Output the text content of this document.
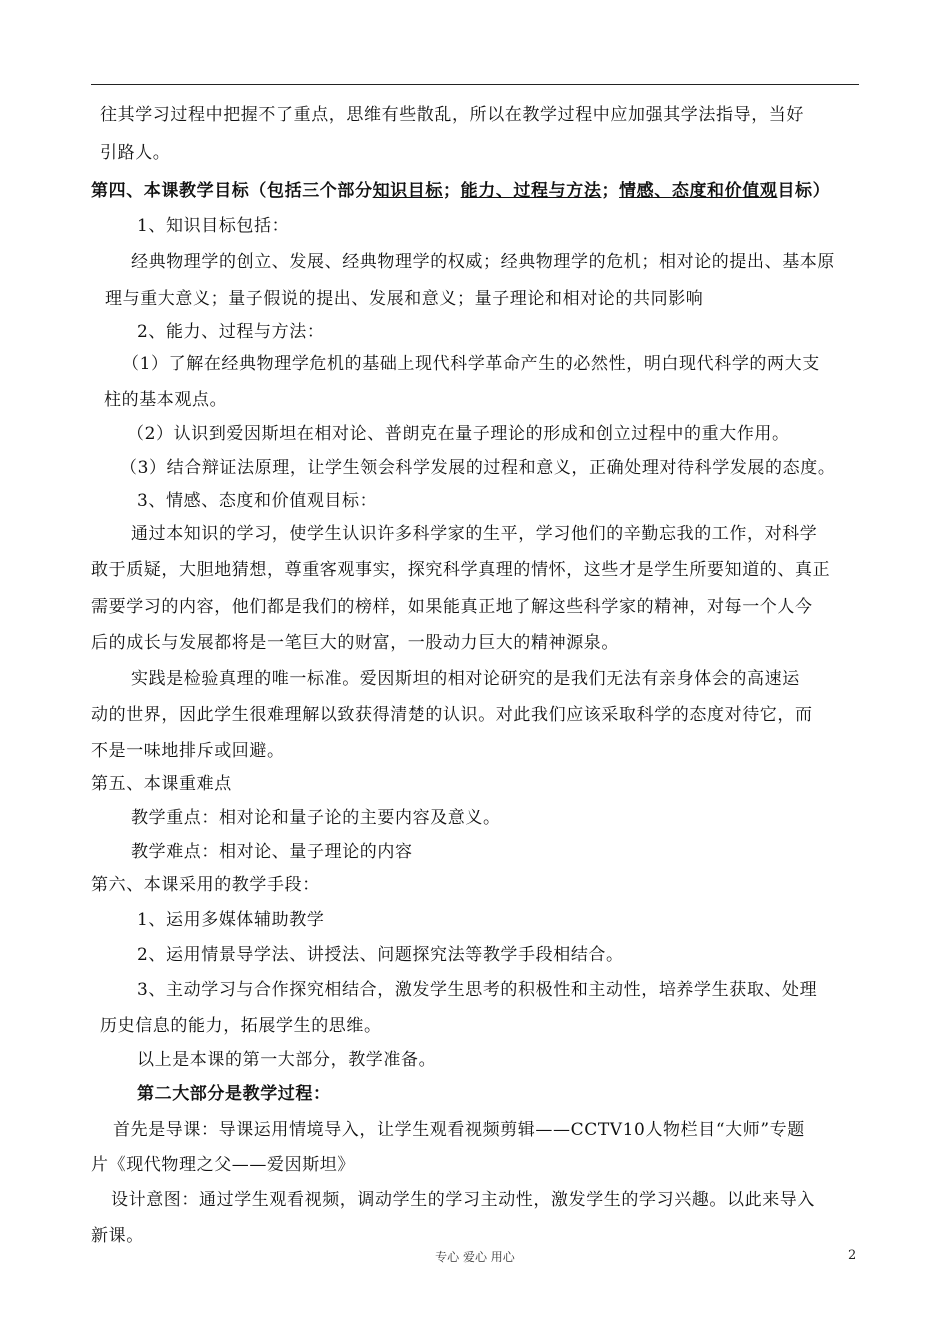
往其学习过程中把握不了重点，思维有些散乱，所以在教学过程中应加强其学法指导，当好
引路人。
第四、本课教学目标（包括三个部分知识目标；能力、过程与方法；情感、态度和价值观目标）
1、知识目标包括：
经典物理学的创立、发展、经典物理学的权威；经典物理学的危机；相对论的提出、基本原
理与重大意义；量子假说的提出、发展和意义；量子理论和相对论的共同影响
2、能力、过程与方法：
（1）了解在经典物理学危机的基础上现代科学革命产生的必然性，明白现代科学的两大支
柱的基本观点。
（2）认识到爱因斯坦在相对论、普朗克在量子理论的形成和创立过程中的重大作用。
（3）结合辩证法原理，让学生领会科学发展的过程和意义，正确处理对待科学发展的态度。
3、情感、态度和价值观目标：
通过本知识的学习，使学生认识许多科学家的生平，学习他们的辛勤忘我的工作，对科学
敢于质疑，大胆地猜想，尊重客观事实，探究科学真理的情怀，这些才是学生所要知道的、真正
需要学习的内容，他们都是我们的榜样，如果能真正地了解这些科学家的精神，对每一个人今
后的成长与发展都将是一笔巨大的财富，一股动力巨大的精神源泉。
实践是检验真理的唯一标准。爱因斯坦的相对论研究的是我们无法有亲身体会的高速运
动的世界，因此学生很难理解以致获得清楚的认识。对此我们应该采取科学的态度对待它，而
不是一味地排斥或回避。
第五、本课重难点
教学重点：相对论和量子论的主要内容及意义。
教学难点：相对论、量子理论的内容
第六、本课采用的教学手段：
1、运用多媒体辅助教学
2、运用情景导学法、讲授法、问题探究法等教学手段相结合。
3、主动学习与合作探究相结合，激发学生思考的积极性和主动性，培养学生获取、处理
历史信息的能力，拓展学生的思维。
以上是本课的第一大部分，教学准备。
第二大部分是教学过程：
首先是导课：导课运用情境导入，让学生观看视频剪辑——CCTV10人物栏目“大师”专题
片《现代物理之父——爱因斯坦》
设计意图：通过学生观看视频，调动学生的学习主动性，激发学生的学习兴趣。以此来导入
新课。
专心 爱心 用心	2
